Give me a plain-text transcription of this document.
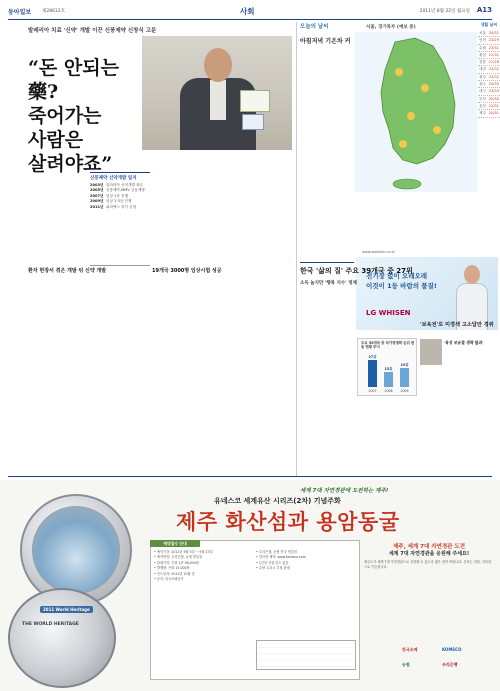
동아일보 제28612호	사회	2011년 8월 22일 월요일 A13
발레리아 치료 '신약' 개발 이끈 신풍제약 신창식 고문
“돈 안되는 藥?
죽어가는
사람은
살려야죠”
신풍제약 신약개발 일지
2003년 말라리아 신약개발 착수
2005년 신풍제약-MMV 공동개발
2007년 임상 1상 진행
2009년 임상 2·3상 진행
2011년 피라맥스 허가 신청
환자 현장서 겪은 개발 뒤 신약 개발	19개국 3000명 임상시험 성공
오늘의 날씨
아침저녁 기온차 커
서울, 경기북부 (예보 중)
생활 날씨
서울 24/31
인천 23/29
수원 23/31
춘천 21/31
강릉 21/28
대전 23/32
청주 23/32
광주 24/32
대구 23/33
부산 25/30
울산 23/31
제주 25/31
www.weather.co.kr
전기장 없이 오래오래
이것이 1등 바람의 품질!
LG WHISEN
한국 '삶의 질' 주요 39개국 중 27위
소득 높지만 '행복 지수' 정체
주요 39개국 중 국가경쟁력 순위 변동 현황 추이
27위
2007
15위
2008
19위
2009
'보육전'로 미경색 고소답만 경위
'육성 보유결 생략 불과'
세계 7대 자연경관에 도전하는 제주!
유네스코 세계유산 시리즈(2차) 기념주화
제주 화산섬과 용암동굴
2011 World Heritage
THE WORLD HERITAGE
예약접수 안내
• 예약기간: 2011년 9월 5일 ~ 9월 23일
• 예약방법: 우리은행, 농협 영업점
• 판매가격: 은화 1종 58,000원
• 발행량: 은화 15,000장
• 인도일자: 2011년 10월 중
• 문의: 한국조폐공사
• 우리은행, 농협 전국 영업점
• 인터넷 예약: www.komsco.com
• 1인당 신청 한도 없음
• 수량 초과시 추첨 판매
제주, 세계 7대 자연경관 도전
세계 7대 자연경관을 응원해 주세요!
제주도가 세계 7대 자연경관으로 선정될 수 있도록 많은 참여 바랍니다. 투표는 전화, 인터넷으로 가능합니다.
한국조폐	KOMSCO
농협	우리은행
